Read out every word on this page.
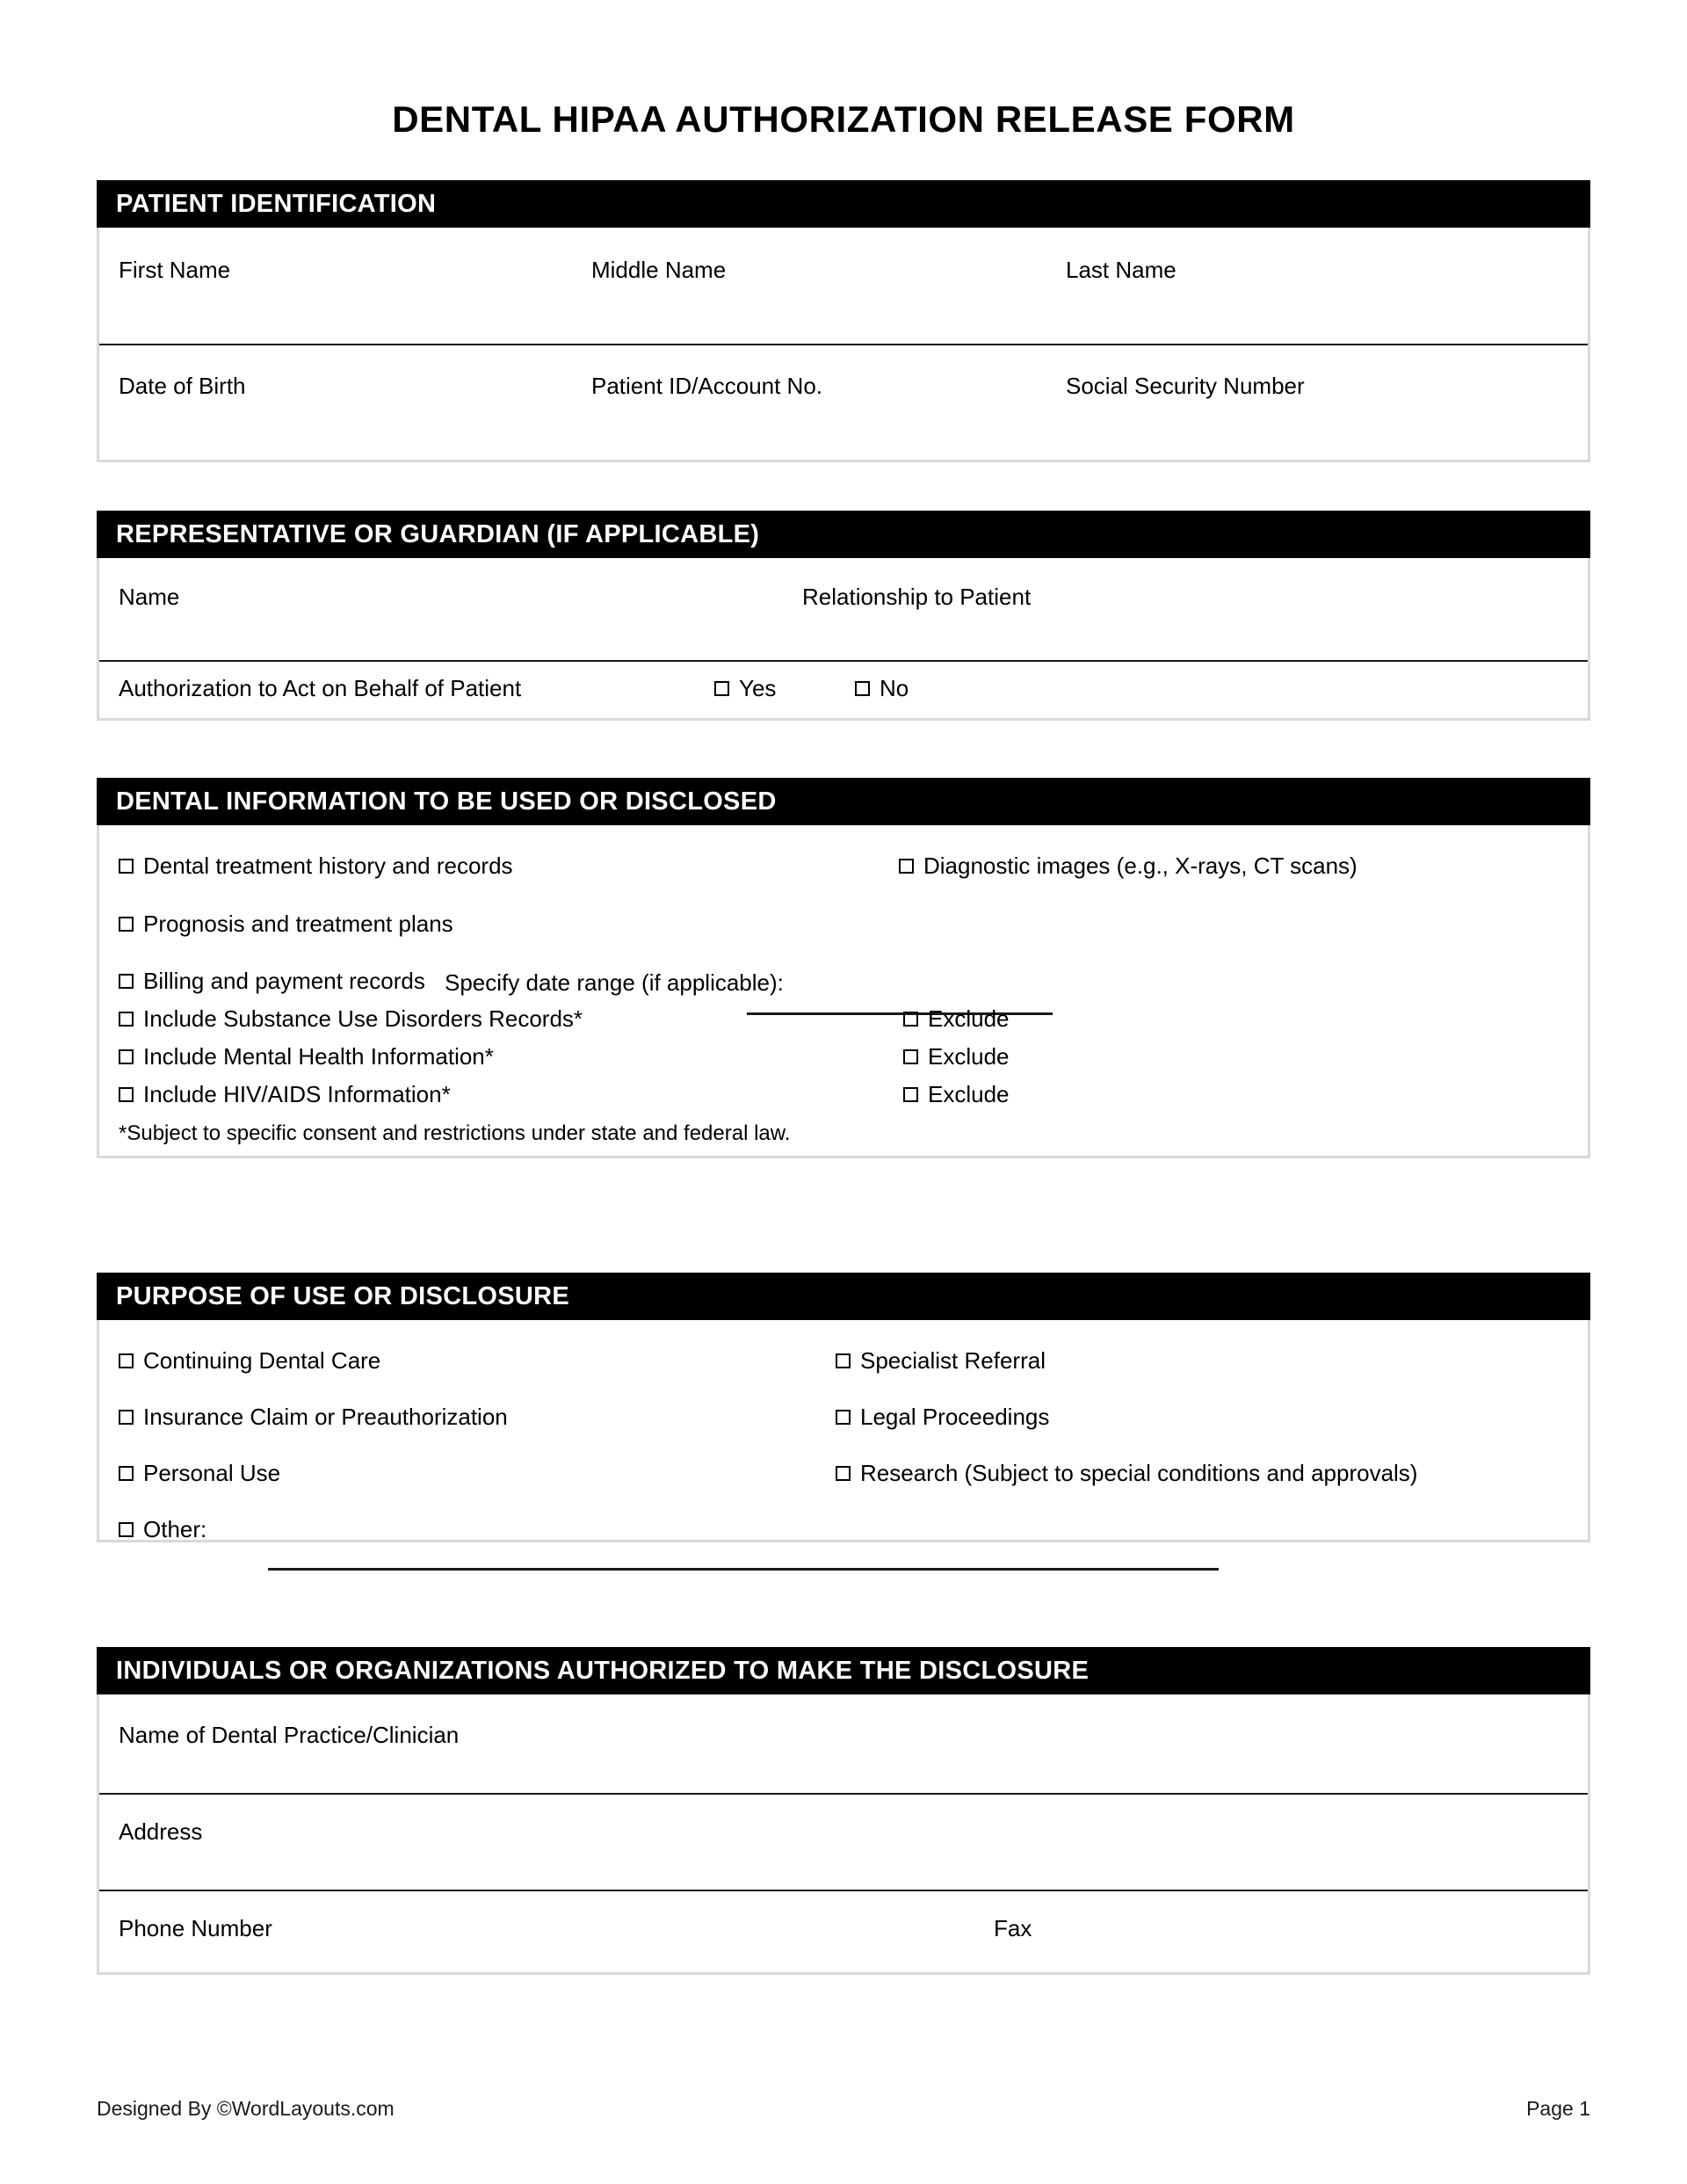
DENTAL HIPAA AUTHORIZATION RELEASE FORM
PATIENT IDENTIFICATION
First Name	Middle Name	Last Name
Date of Birth	Patient ID/Account No.	Social Security Number
REPRESENTATIVE OR GUARDIAN (IF APPLICABLE)
Name	Relationship to Patient
Authorization to Act on Behalf of Patient	Yes	No
DENTAL INFORMATION TO BE USED OR DISCLOSED
Dental treatment history and records	Diagnostic images (e.g., X-rays, CT scans)
Prognosis and treatment plans
Billing and payment records Specify date range (if applicable):
Include Substance Use Disorders Records*	Exclude
Include Mental Health Information*	Exclude
Include HIV/AIDS Information*	Exclude
*Subject to specific consent and restrictions under state and federal law.
PURPOSE OF USE OR DISCLOSURE
Continuing Dental Care	Specialist Referral
Insurance Claim or Preauthorization	Legal Proceedings
Personal Use	Research (Subject to special conditions and approvals)
Other:
INDIVIDUALS OR ORGANIZATIONS AUTHORIZED TO MAKE THE DISCLOSURE
Name of Dental Practice/Clinician
Address
Phone Number	Fax
Designed By ©WordLayouts.com	Page 1
